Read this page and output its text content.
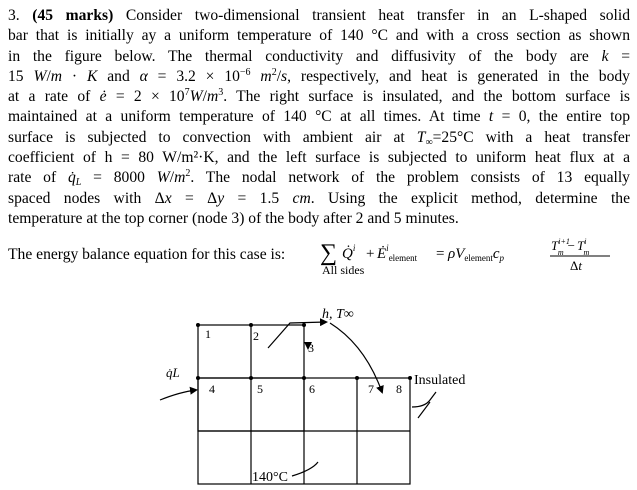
3. (45 marks) Consider two-dimensional transient heat transfer in an L-shaped solid
bar that is initially ay a uniform temperature of 140 °C and with a cross section as shown
in the figure below. The thermal conductivity and diffusivity of the body are k =
15 W/m · K and $\alpha = 3.2 \times 10^{-6}$ $m^2/s$, respectively, and heat is generated in the body
at a rate of ė = $2 \times 10^7W/m^3$. The right surface is insulated, and the bottom surface is
maintained at a uniform temperature of 140 °C at all times. At time t = 0, the entire top
surface is subjected to convection with ambient air at $T_\infty=25^\circ C$ with a heat transfer
coefficient of h = 80 W/m²·K, and the left surface is subjected to uniform heat flux at a
rate of $q̇_L = 8000$ $W/m^2$. The nodal network of the problem consists of 13 equally
spaced nodes with Δx = Δy = 1.5 cm. Using the explicit method, determine the
temperature at the top corner (node 3) of the body after 2 and 5 minutes.
The energy balance equation for this case is: ∑ Q̇$^i$ + $Ė^i_{element} = \rho V_{element}c_p$
$T^{i+1}$ $m - T^i$ m
Δt
All sides
1	2
3
4	5	6	7 8
h, T∞
q̇L
Insulated
140°C
